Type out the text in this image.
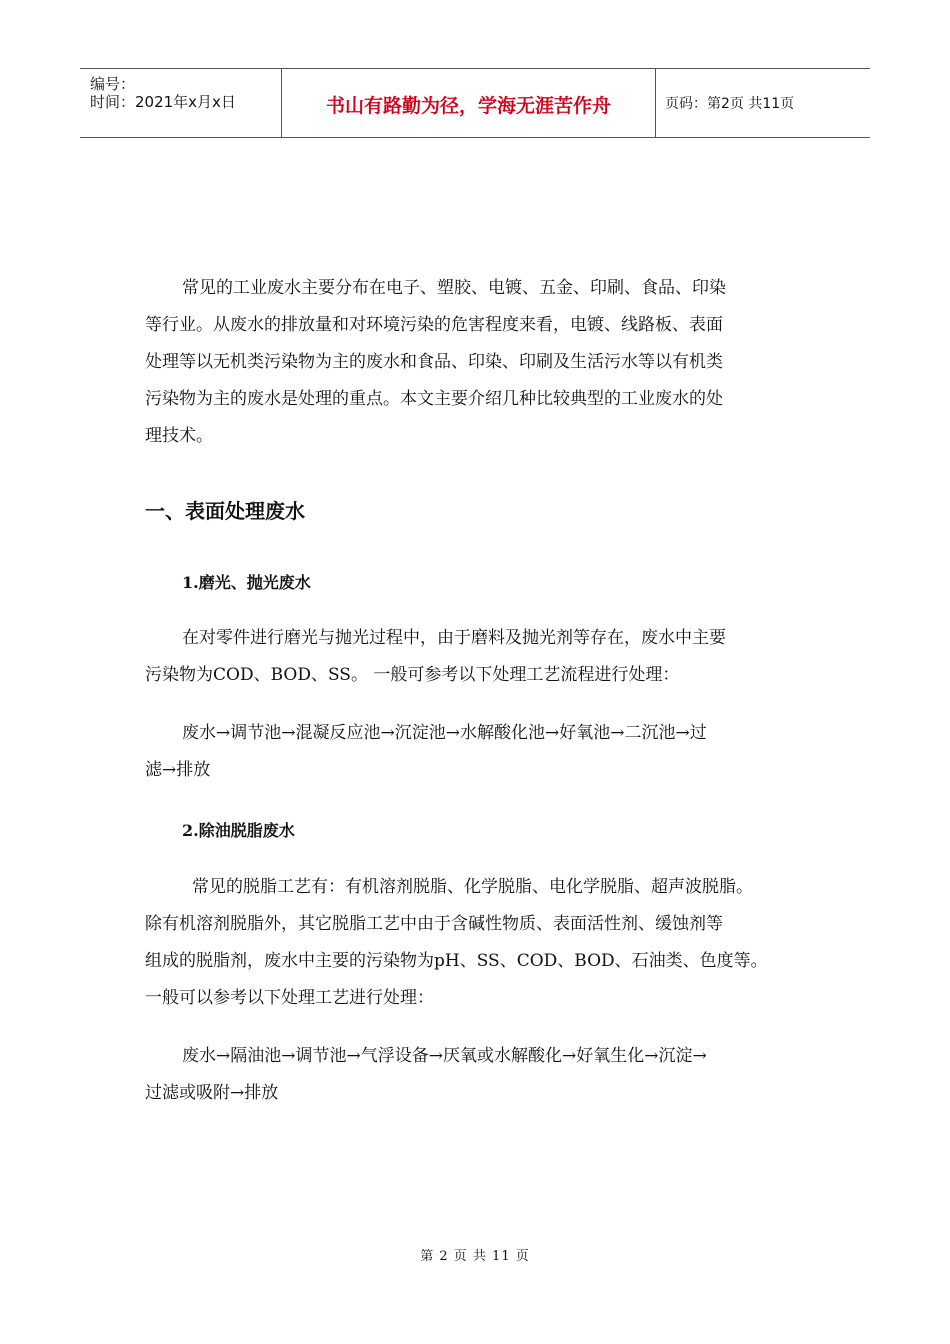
编号：
时间：2021年x月x日	书山有路勤为径，学海无涯苦作舟	页码：第2页 共11页
常见的工业废水主要分布在电子、塑胶、电镀、五金、印刷、食品、印染
等行业。从废水的排放量和对环境污染的危害程度来看，电镀、线路板、表面
处理等以无机类污染物为主的废水和食品、印染、印刷及生活污水等以有机类
污染物为主的废水是处理的重点。本文主要介绍几种比较典型的工业废水的处
理技术。
一、表面处理废水
1.磨光、抛光废水
在对零件进行磨光与抛光过程中，由于磨料及抛光剂等存在，废水中主要
污染物为COD、BOD、SS。 一般可参考以下处理工艺流程进行处理：
废水→调节池→混凝反应池→沉淀池→水解酸化池→好氧池→二沉池→过
滤→排放
2.除油脱脂废水
常见的脱脂工艺有：有机溶剂脱脂、化学脱脂、电化学脱脂、超声波脱脂。
除有机溶剂脱脂外，其它脱脂工艺中由于含碱性物质、表面活性剂、缓蚀剂等
组成的脱脂剂，废水中主要的污染物为pH、SS、COD、BOD、石油类、色度等。
一般可以参考以下处理工艺进行处理：
废水→隔油池→调节池→气浮设备→厌氧或水解酸化→好氧生化→沉淀→
过滤或吸附→排放
第 2 页 共 11 页
